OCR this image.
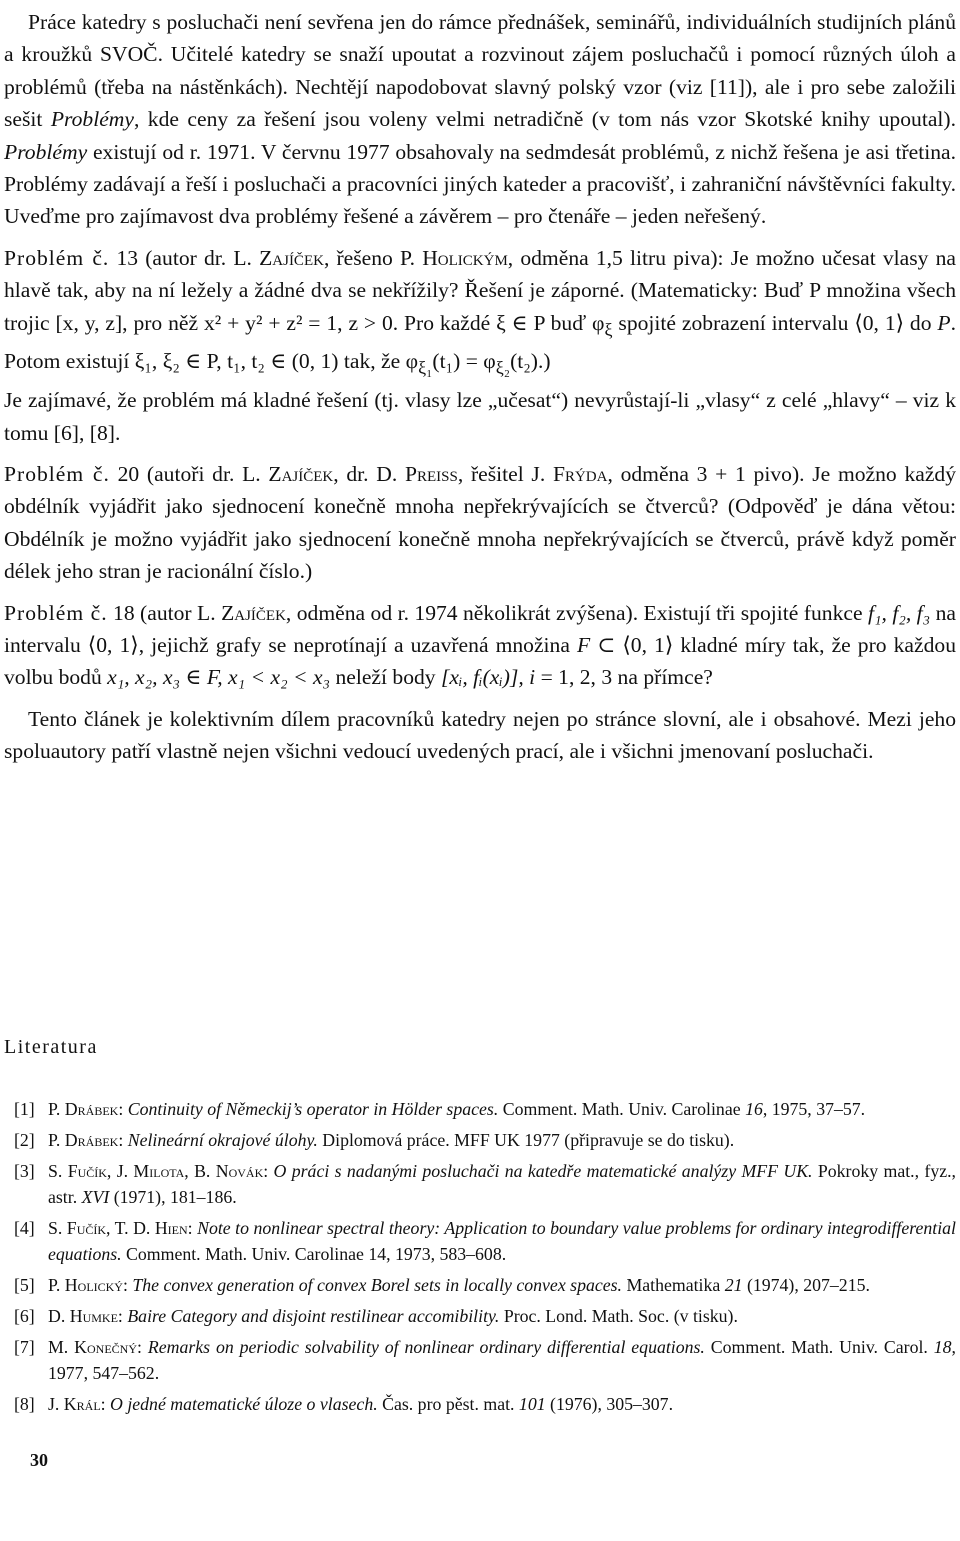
Práce katedry s posluchači není sevřena jen do rámce přednášek, seminářů, individuálních studijních plánů a kroužků SVOČ. Učitelé katedry se snaží upoutat a rozvinout zájem posluchačů i pomocí různých úloh a problémů (třeba na nástěnkách). Nechtějí napodobovat slavný polský vzor (viz [11]), ale i pro sebe založili sešit Problémy, kde ceny za řešení jsou voleny velmi netradičně (v tom nás vzor Skotské knihy upoutal). Problémy existují od r. 1971. V červnu 1977 obsahovaly na sedmdesát problémů, z nichž řešena je asi třetina. Problémy zadávají a řeší i posluchači a pracovníci jiných kateder a pracovišť, i zahraniční návštěvníci fakulty. Uveďme pro zajímavost dva problémy řešené a závěrem – pro čtenáře – jeden neřešený.

Problém č. 13 (autor dr. L. Zajíček, řešeno P. Holickým, odměna 1,5 litru piva): Je možno učesat vlasy na hlavě tak, aby na ní ležely a žádné dva se nekřížily? Řešení je záporné. (Matematicky: Buď P množina všech trojic [x, y, z], pro něž x² + y² + z² = 1, z > 0. Pro každé ξ ∈ P buď $\varphi_\xi$ spojité zobrazení intervalu ⟨0, 1⟩ do P. Potom existují ξ₁, ξ₂ ∈ P, t₁, t₂ ∈ (0, 1) tak, že $\varphi_{\xi_1}(t_1) = \varphi_{\xi_2}(t_2)$.)
Je zajímavé, že problém má kladné řešení (tj. vlasy lze „učesat“) nevyrůstají-li „vlasy“ z celé „hlavy“ – viz k tomu [6], [8].

Problém č. 20 (autoři dr. L. Zajíček, dr. D. Preiss, řešitel J. Frýda, odměna 3 + 1 pivo). Je možno každý obdélník vyjádřit jako sjednocení konečně mnoha nepřekrývajících se čtverců? (Odpověď je dána větou: Obdélník je možno vyjádřit jako sjednocení konečně mnoha nepřekrývajících se čtverců, právě když poměr délek jeho stran je racionální číslo.)

Problém č. 18 (autor L. Zajíček, odměna od r. 1974 několikrát zvýšena). Existují tři spojité funkce f₁, f₂, f₃ na intervalu ⟨0, 1⟩, jejichž grafy se neprotínají a uzavřená množina F ⊂ ⟨0, 1⟩ kladné míry tak, že pro každou volbu bodů x₁, x₂, x₃ ∈ F, x₁ < x₂ < x₃ neleží body [xᵢ, fᵢ(xᵢ)], i = 1, 2, 3 na přímce?

Tento článek je kolektivním dílem pracovníků katedry nejen po stránce slovní, ale i obsahové. Mezi jeho spoluautory patří vlastně nejen všichni vedoucí uvedených prací, ale i všichni jmenovaní posluchači.

Literatura
[1] P. Drábek: Continuity of Německij’s operator in Hölder spaces. Comment. Math. Univ. Carolinae 16, 1975, 37–57.
[2] P. Drábek: Nelineární okrajové úlohy. Diplomová práce. MFF UK 1977 (připravuje se do tisku).
[3] S. Fučík, J. Milota, B. Novák: O práci s nadanými posluchači na katedře matematické analýzy MFF UK. Pokroky mat., fyz., astr. XVI (1971), 181–186.
[4] S. Fučík, T. D. Hien: Note to nonlinear spectral theory: Application to boundary value problems for ordinary integrodifferential equations. Comment. Math. Univ. Carolinae 14, 1973, 583–608.
[5] P. Holický: The convex generation of convex Borel sets in locally convex spaces. Mathematika 21 (1974), 207–215.
[6] D. Humke: Baire Category and disjoint restilinear accomibility. Proc. Lond. Math. Soc. (v tisku).
[7] M. Konečný: Remarks on periodic solvability of nonlinear ordinary differential equations. Comment. Math. Univ. Carol. 18, 1977, 547–562.
[8] J. Král: O jedné matematické úloze o vlasech. Čas. pro pěst. mat. 101 (1976), 305–307.
30
